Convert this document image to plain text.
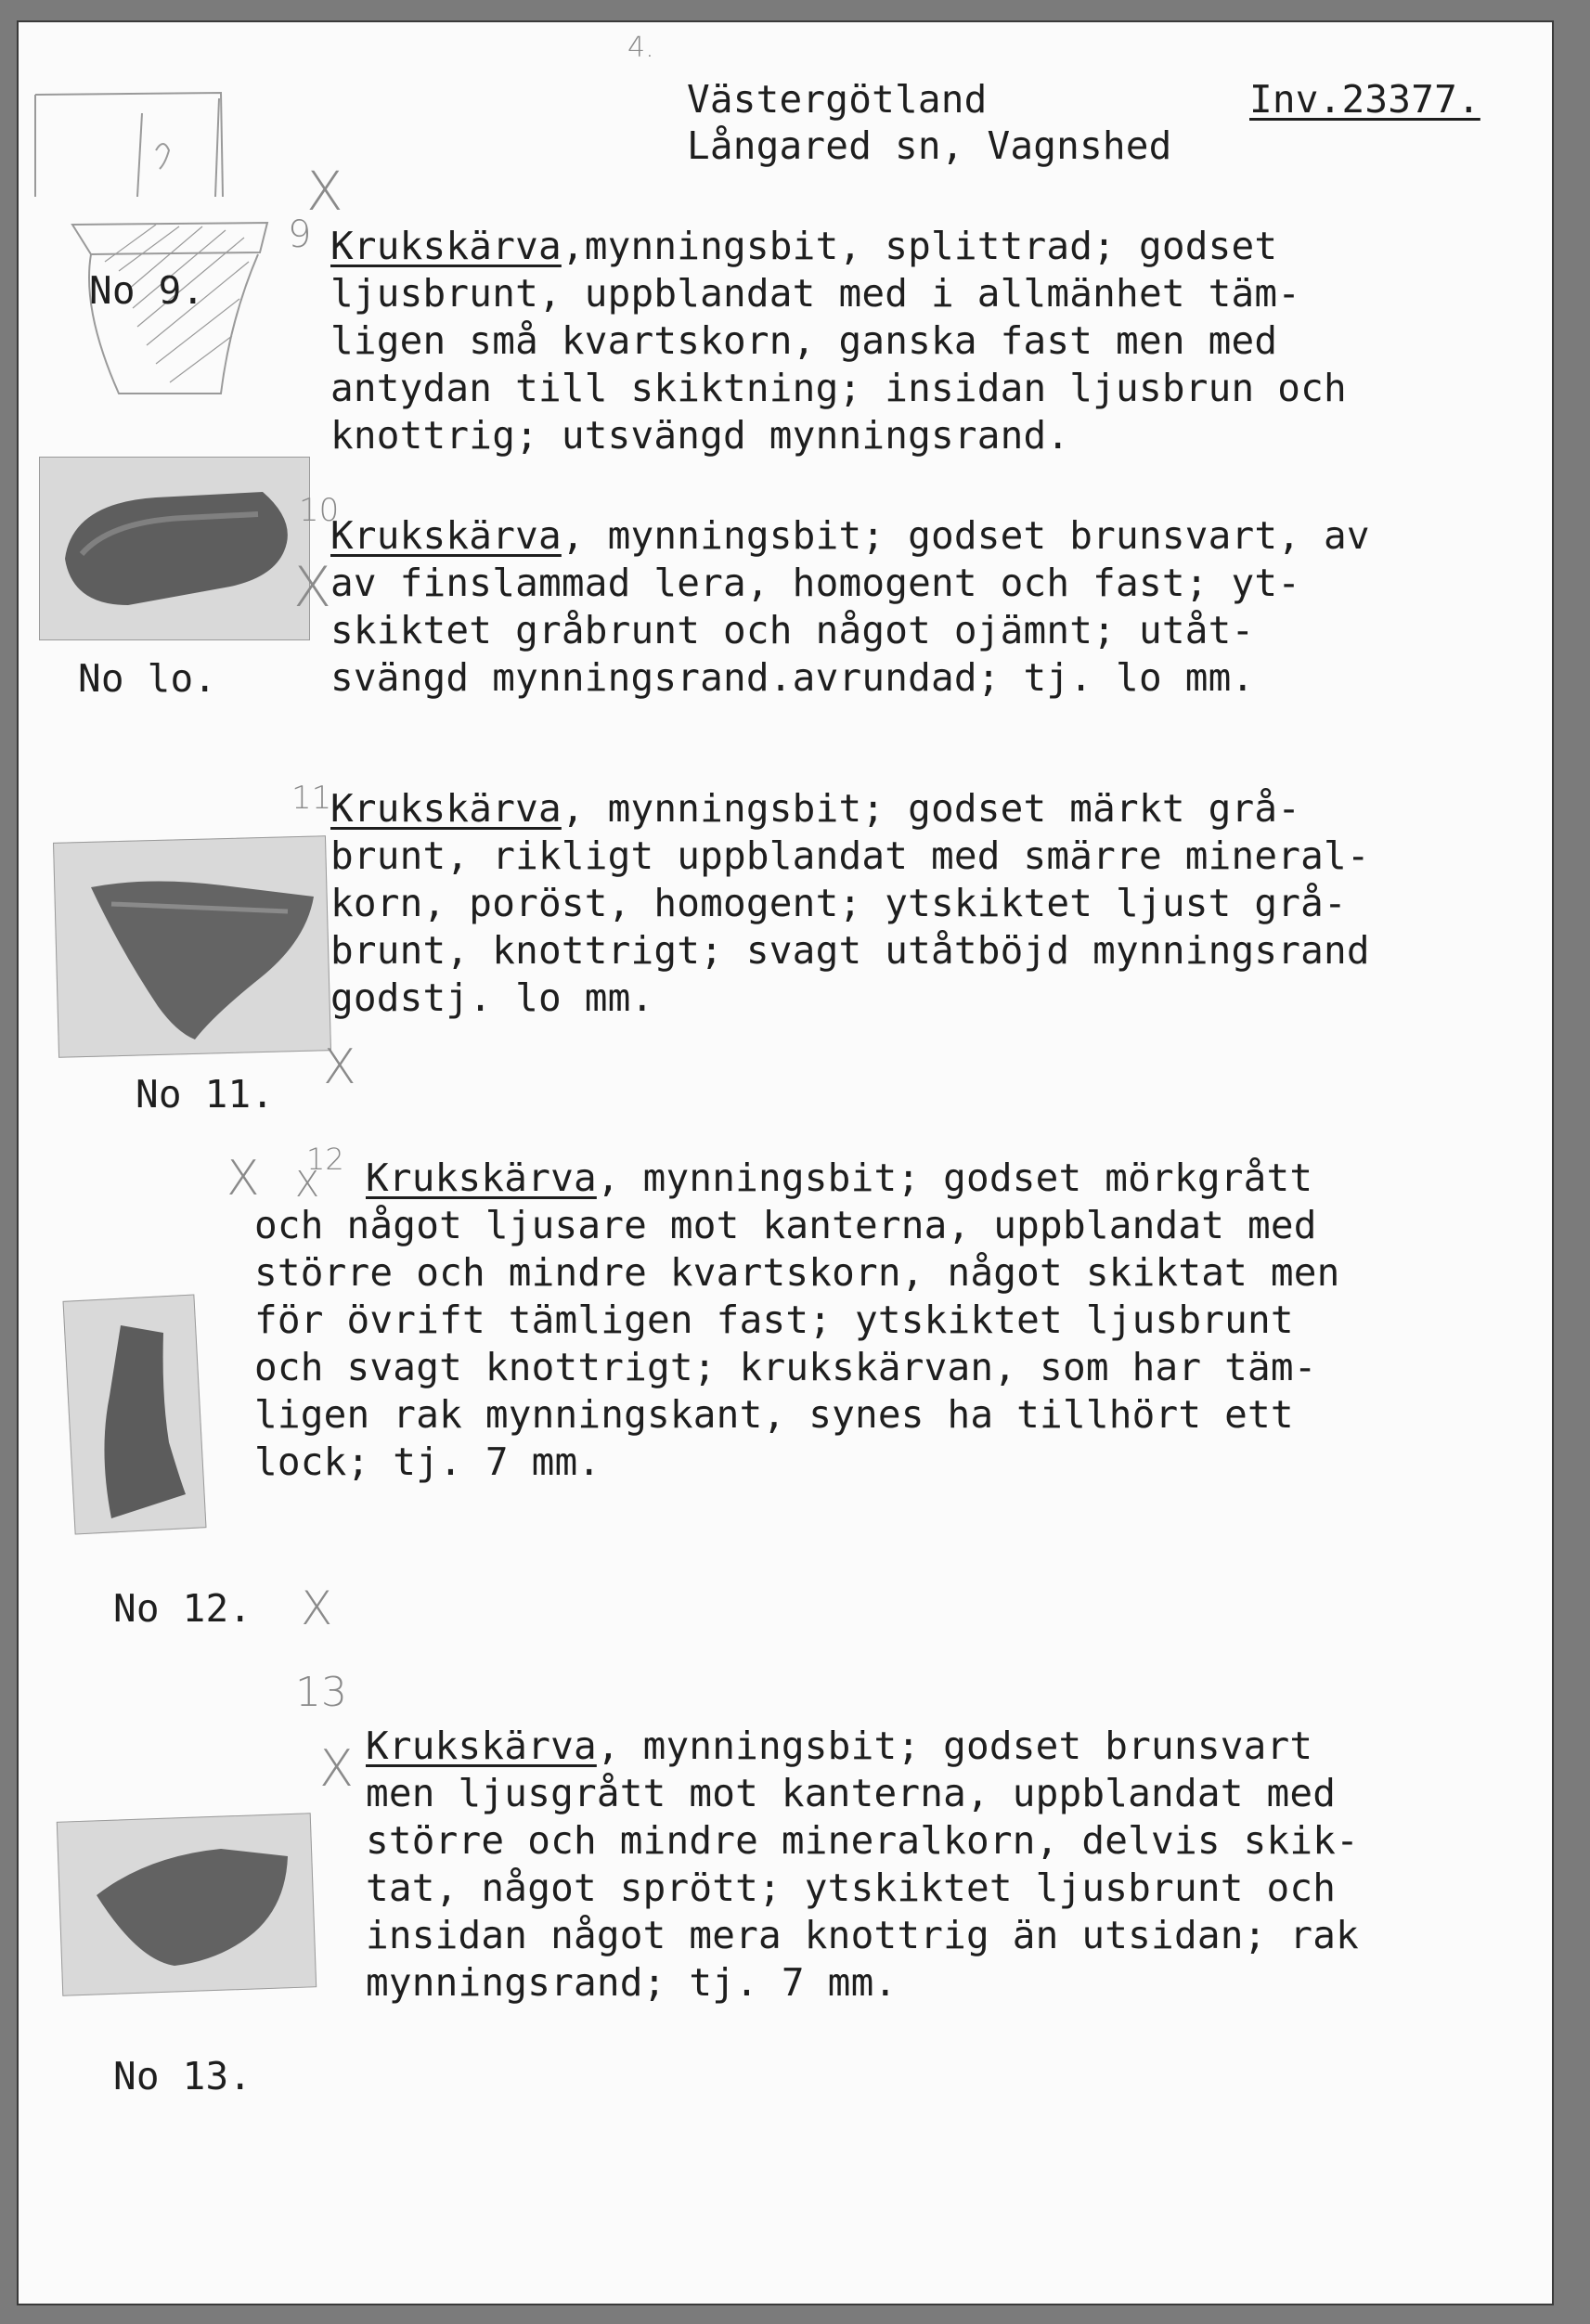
4.
Västergötland	Inv.23377.
Långared sn, Vagnshed
No 9.
9
X
Krukskärva,mynningsbit, splittrad; godset
ljusbrunt, uppblandat med i allmänhet täm-
ligen små kvartskorn, ganska fast men med
antydan till skiktning; insidan ljusbrun och
knottrig; utsvängd mynningsrand.
No lo.
10
X
Krukskärva, mynningsbit; godset brunsvart, av
av finslammad lera, homogent och fast; yt-
skiktet gråbrunt och något ojämnt; utåt-
svängd mynningsrand.avrundad; tj. lo mm.
No 11. X
11
Krukskärva, mynningsbit; godset märkt grå-
brunt, rikligt uppblandat med smärre mineral-
korn, poröst, homogent; ytskiktet ljust grå-
brunt, knottrigt; svagt utåtböjd mynningsrand
godstj. lo mm.
X X
12 Krukskärva, mynningsbit; godset mörkgrått
och något ljusare mot kanterna, uppblandat med
större och mindre kvartskorn, något skiktat men
för övrift tämligen fast; ytskiktet ljusbrunt
och svagt knottrigt; krukskärvan, som har täm-
ligen rak mynningskant, synes ha tillhört ett
lock; tj. 7 mm.
No 12. X
13
X Krukskärva, mynningsbit; godset brunsvart
men ljusgrått mot kanterna, uppblandat med
större och mindre mineralkorn, delvis skik-
tat, något sprött; ytskiktet ljusbrunt och
insidan något mera knottrig än utsidan; rak
mynningsrand; tj. 7 mm.
No 13.
